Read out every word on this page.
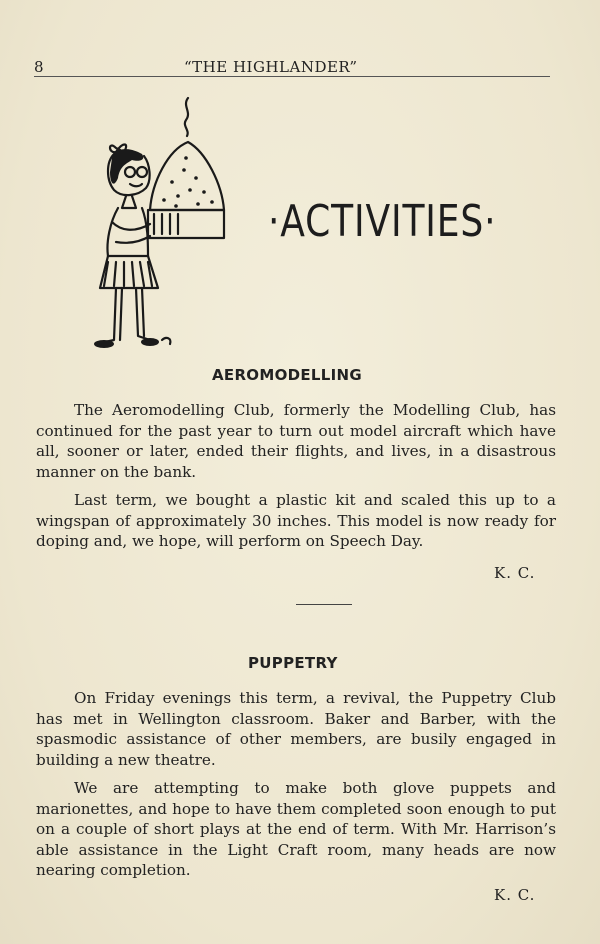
8	“THE HIGHLANDER”
·ACTIVITIES·
AEROMODELLING

The Aeromodelling Club, formerly the Modelling Club, has continued for the past year to turn out model aircraft which have all, sooner or later, ended their flights, and lives, in a disastrous manner on the bank.

Last term, we bought a plastic kit and scaled this up to a wingspan of approximately 30 inches. This model is now ready for doping and, we hope, will perform on Speech Day.

K. C.
PUPPETRY

On Friday evenings this term, a revival, the Puppetry Club has met in Wellington classroom. Baker and Barber, with the spasmodic assistance of other members, are busily engaged in building a new theatre.

We are attempting to make both glove puppets and marionettes, and hope to have them completed soon enough to put on a couple of short plays at the end of term. With Mr. Harrison’s able assistance in the Light Craft room, many heads are now nearing completion.

K. C.
